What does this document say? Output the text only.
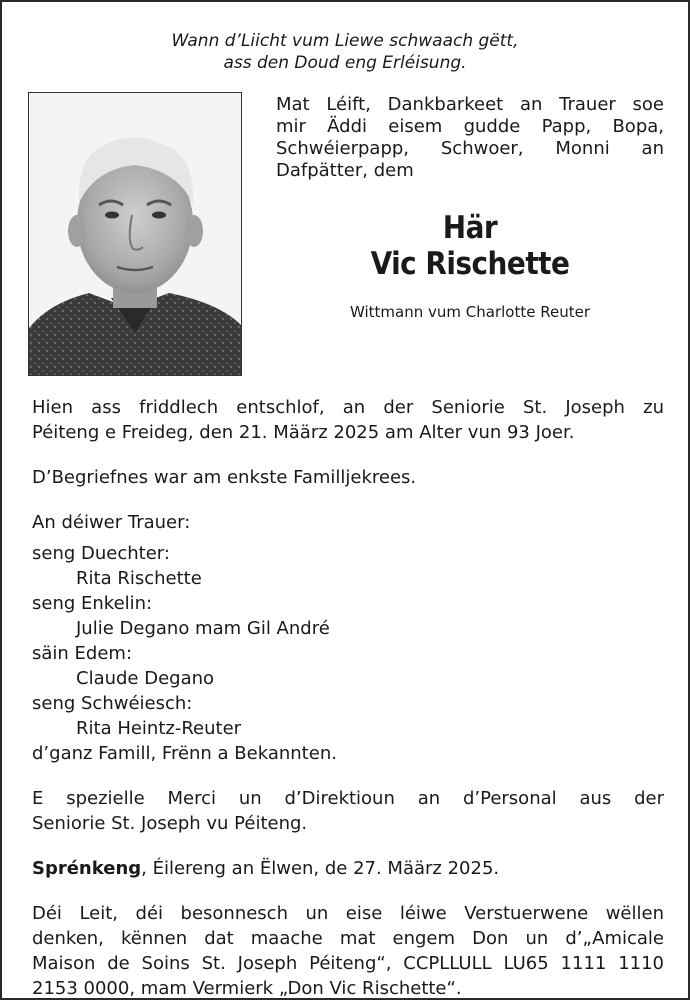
Wann d’Liicht vum Liewe schwaach gëtt,
ass den Doud eng Erléisung.
Mat Léift, Dankbarkeet an Trauer soe
mir Äddi eisem gudde Papp, Bopa,
Schwéierpapp, Schwoer, Monni an
Dafpätter, dem
Här
Vic Rischette
Wittmann vum Charlotte Reuter
Hien ass friddlech entschlof, an der Seniorie St. Joseph zu
Péiteng e Freideg, den 21. Määrz 2025 am Alter vun 93 Joer.
D’Begriefnes war am enkste Familljekrees.
An déiwer Trauer:
seng Duechter:
Rita Rischette
seng Enkelin:
Julie Degano mam Gil André
säin Edem:
Claude Degano
seng Schwéiesch:
Rita Heintz-Reuter
d’ganz Famill, Frënn a Bekannten.
E spezielle Merci un d’Direktioun an d’Personal aus der
Seniorie St. Joseph vu Péiteng.
Sprénkeng, Éilereng an Ëlwen, de 27. Määrz 2025.
Déi Leit, déi besonnesch un eise léiwe Verstuerwene wëllen
denken, kënnen dat maache mat engem Don un d’„Amicale
Maison de Soins St. Joseph Péiteng“, CCPLLULL LU65 1111 1110
2153 0000, mam Vermierk „Don Vic Rischette“.
